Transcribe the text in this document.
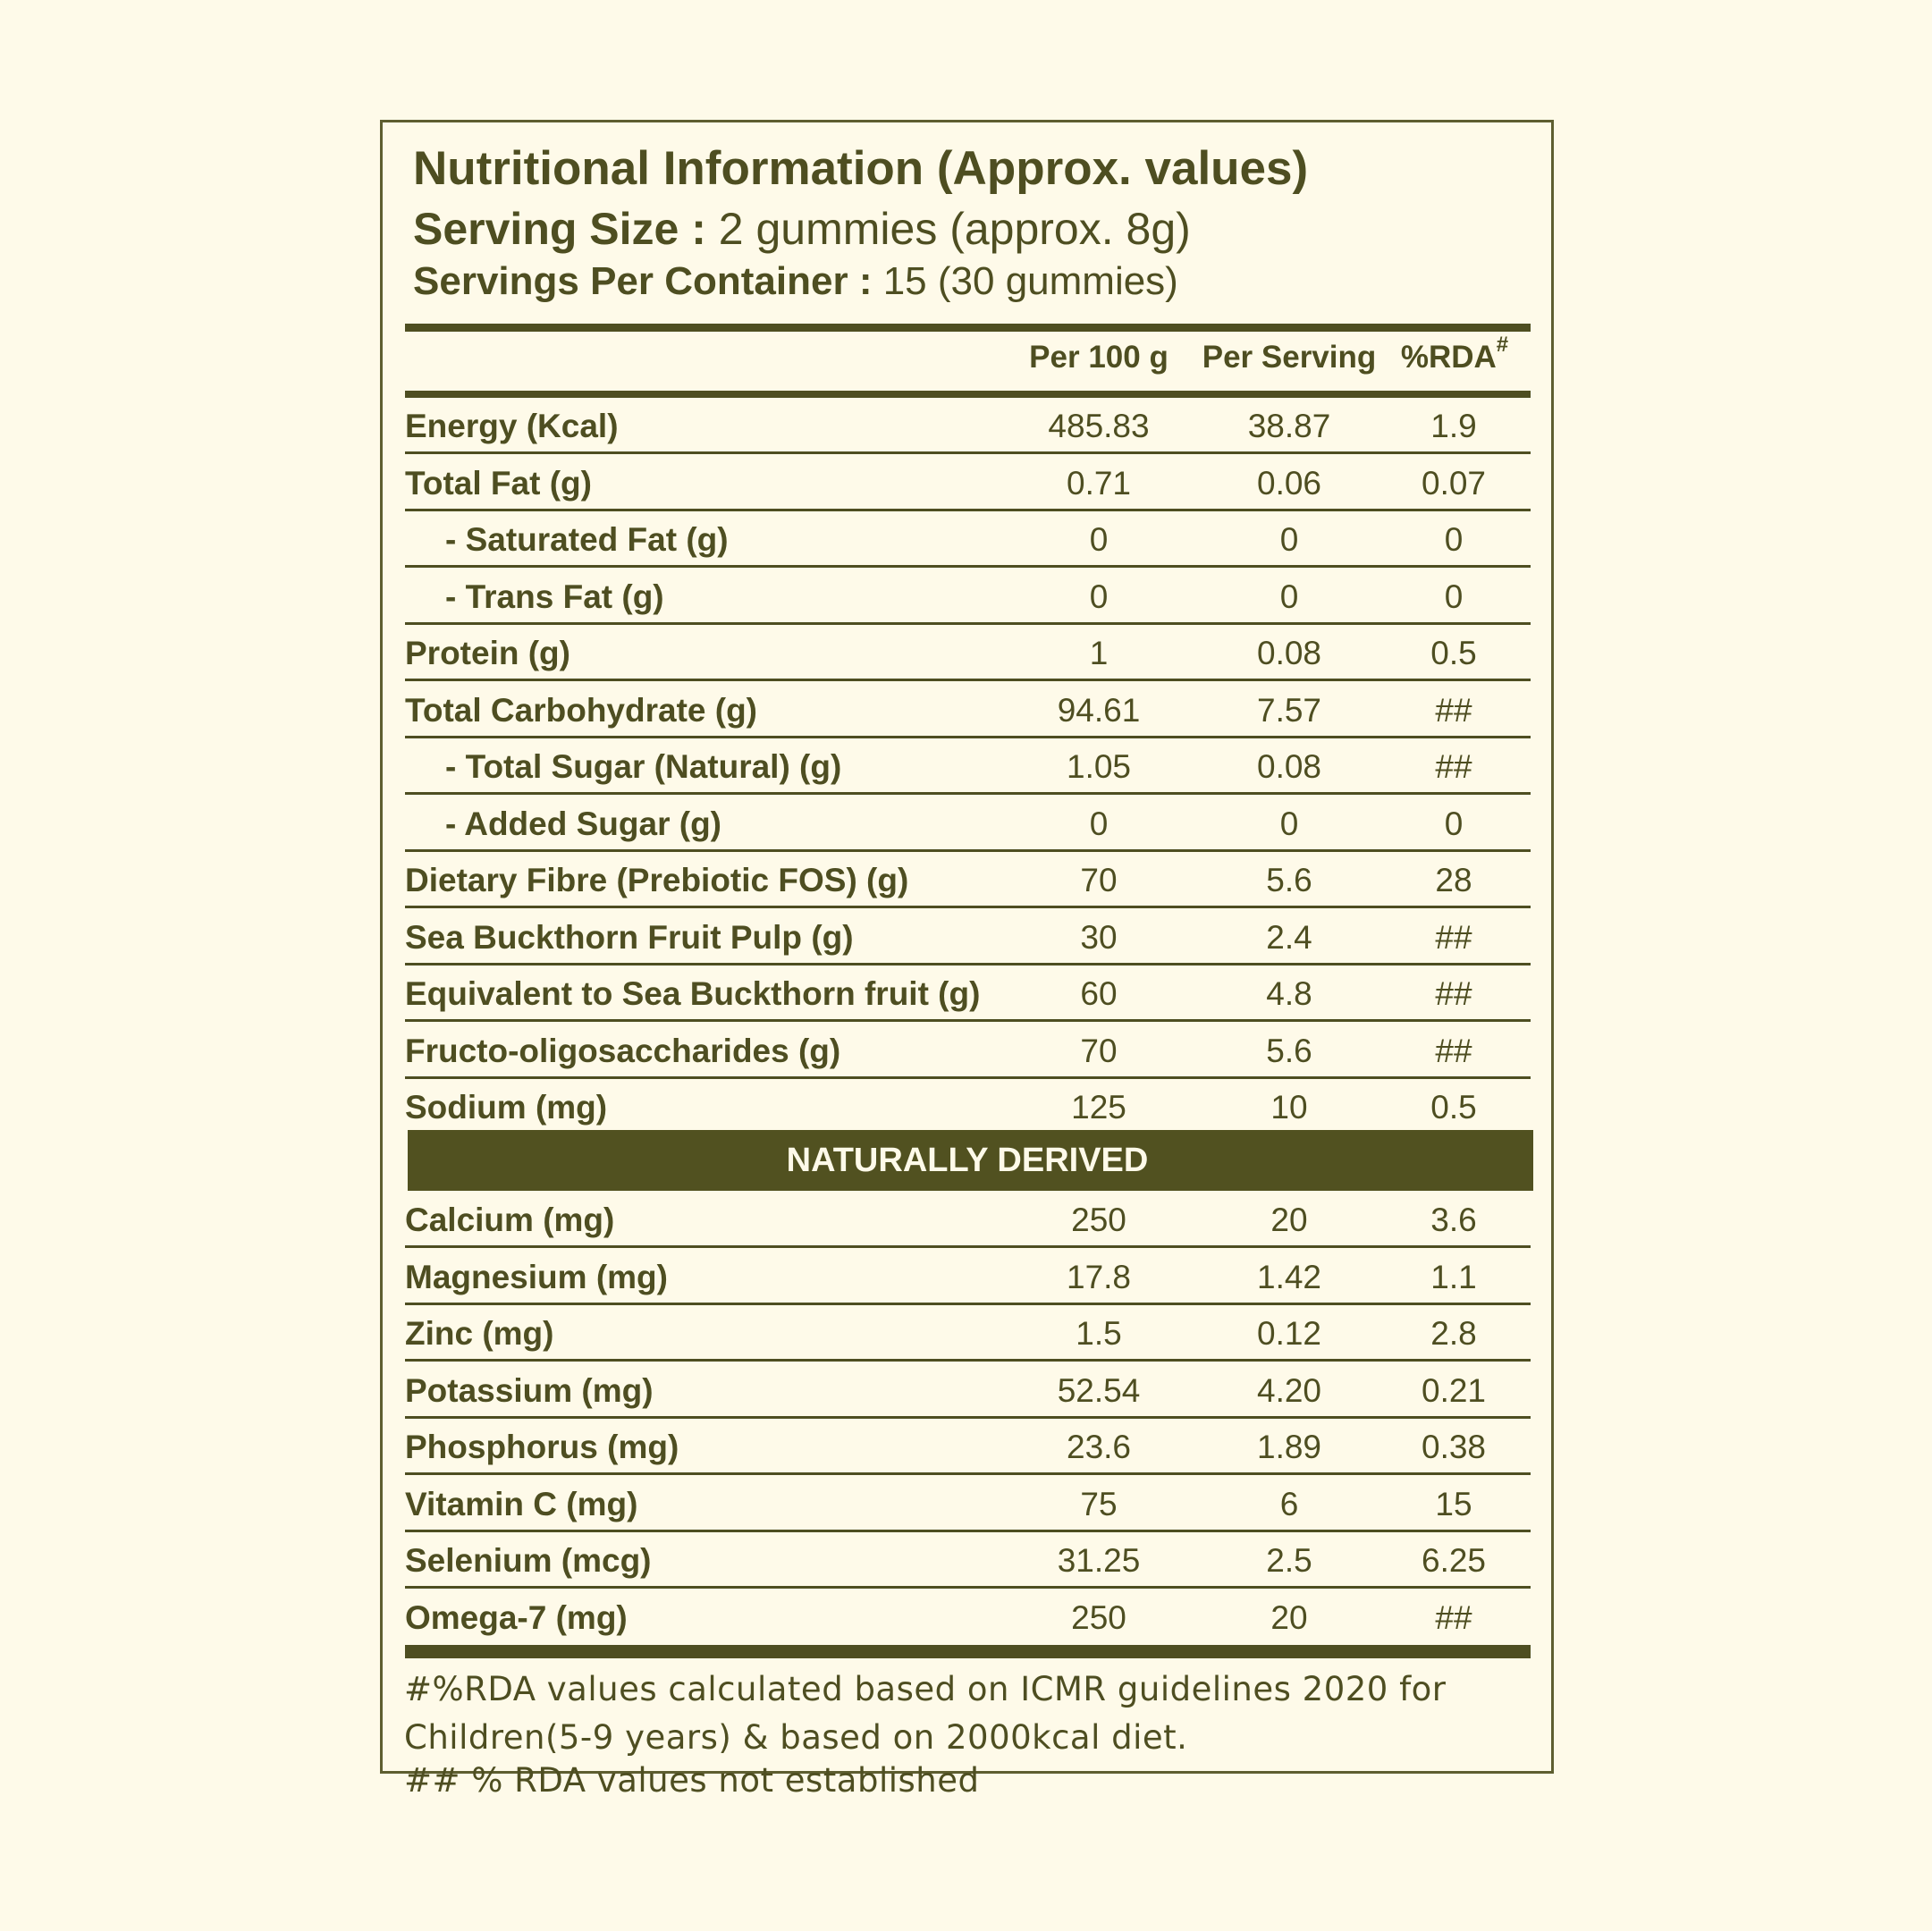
Nutritional Information (Approx. values)
Serving Size : 2 gummies (approx. 8g)
Servings Per Container : 15 (30 gummies)
Per 100 g Per Serving %RDA#
Energy (Kcal)	485.83	38.87	1.9
Total Fat (g)	0.71	0.06	0.07
- Saturated Fat (g)	0	0	0
- Trans Fat (g)	0	0	0
Protein (g)	1	0.08	0.5
Total Carbohydrate (g)	94.61	7.57	##
- Total Sugar (Natural) (g)	1.05	0.08	##
- Added Sugar (g)	0	0	0
Dietary Fibre (Prebiotic FOS) (g)	70	5.6	28
Sea Buckthorn Fruit Pulp (g)	30	2.4	##
Equivalent to Sea Buckthorn fruit (g)	60	4.8	##
Fructo-oligosaccharides (g)	70	5.6	##
Sodium (mg)	125	10	0.5
NATURALLY DERIVED
Calcium (mg)	250	20	3.6
Magnesium (mg)	17.8	1.42	1.1
Zinc (mg)	1.5	0.12	2.8
Potassium (mg)	52.54	4.20	0.21
Phosphorus (mg)	23.6	1.89	0.38
Vitamin C (mg)	75	6	15
Selenium (mcg)	31.25	2.5	6.25
Omega-7 (mg)	250	20	##
#%RDA values calculated based on ICMR guidelines 2020 for
Children(5-9 years) & based on 2000kcal diet.
## % RDA values not established
